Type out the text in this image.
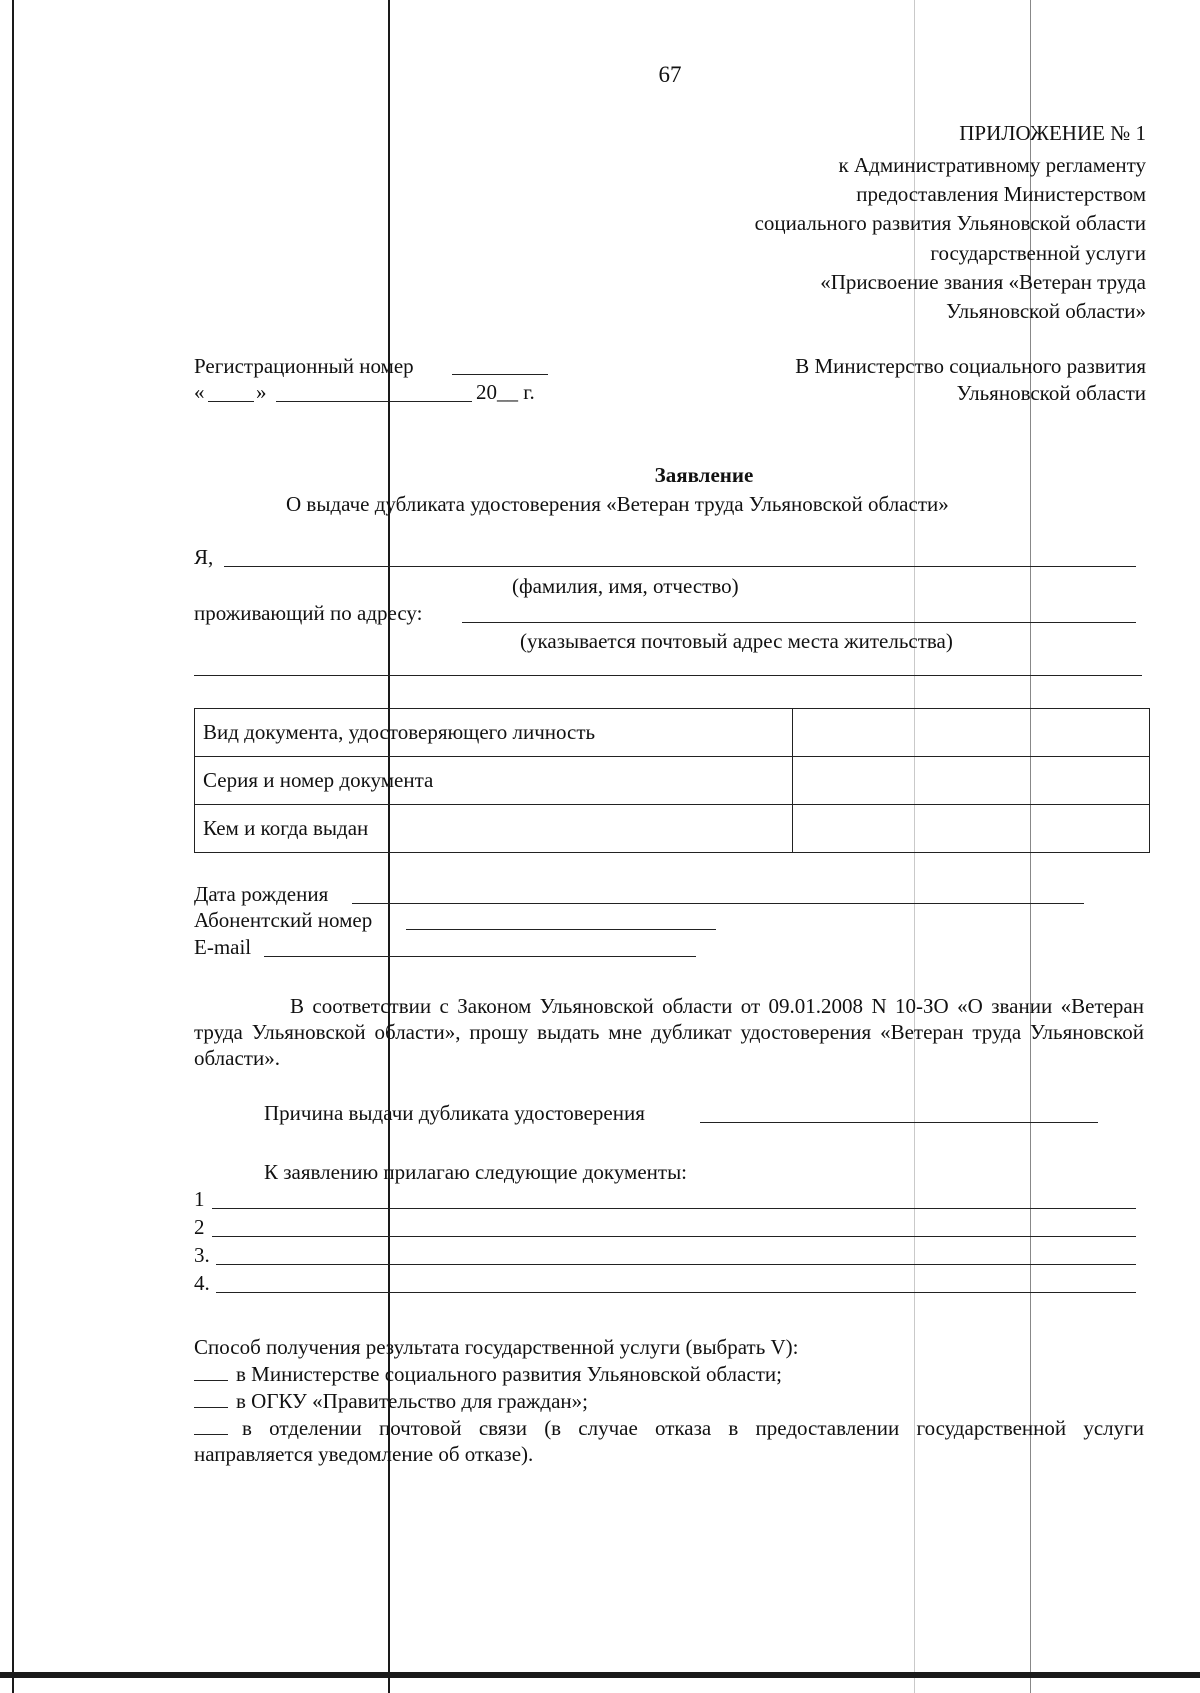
67
ПРИЛОЖЕНИЕ № 1
к Административному регламенту
предоставления Министерством
социального развития Ульяновской области
государственной услуги
«Присвоение звания «Ветеран труда
Ульяновской области»
Регистрационный номер
« »	20__ г.
В Министерство социального развития
Ульяновской области
Заявление
О выдаче дубликата удостоверения «Ветеран труда Ульяновской области»
Я,
(фамилия, имя, отчество)
проживающий по адресу:
(указывается почтовый адрес места жительства)
Вид документа, удостоверяющего личность	
Серия и номер документа	
Кем и когда выдан	
Дата рождения
Абонентский номер
E-mail
В соответствии с Законом Ульяновской области от 09.01.2008 N 10-ЗО «О звании «Ветеран труда Ульяновской области», прошу выдать мне дубликат удостоверения «Ветеран труда Ульяновской области».
Причина выдачи дубликата удостоверения
К заявлению прилагаю следующие документы:
1
2
3.
4.
Способ получения результата государственной услуги (выбрать V):
в Министерстве социального развития Ульяновской области;
в ОГКУ «Правительство для граждан»;
в отделении почтовой связи (в случае отказа в предоставлении государственной услуги направляется уведомление об отказе).
